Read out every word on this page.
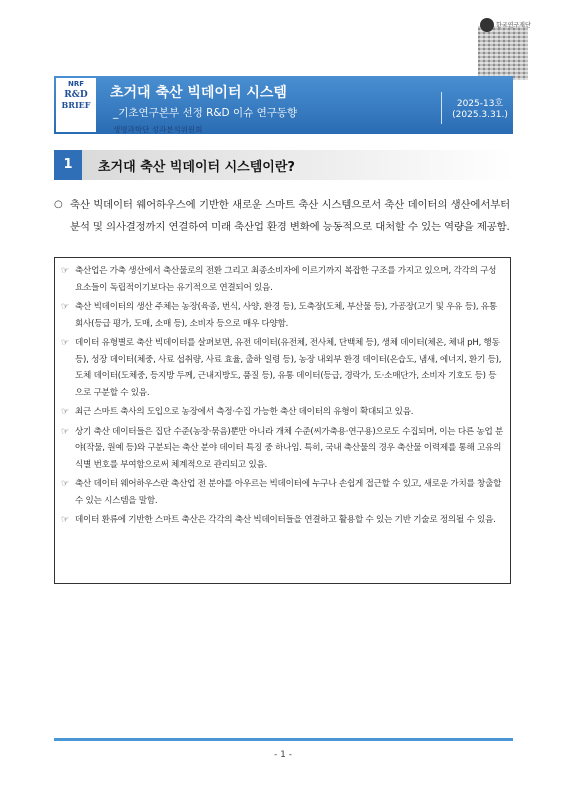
한국연구재단
NRF
R&D
BRIEF
초거대 축산 빅데이터 시스템
_기초연구본부 선정 R&D 이슈 연구동향
생명과학단 성과분석위원회
2025-13호
(2025.3.31.)
1	초거대 축산 빅데이터 시스템이란?
○ 축산 빅데이터 웨어하우스에 기반한 새로운 스마트 축산 시스템으로서 축산 데이터의 생산에서부터 분석 및 의사결정까지 연결하여 미래 축산업 환경 변화에 능동적으로 대처할 수 있는 역량을 제공함.
☞ 축산업은 가축 생산에서 축산물로의 전환 그리고 최종소비자에 이르기까지 복잡한 구조를 가지고 있으며, 각각의 구성 요소들이 독립적이기보다는 유기적으로 연결되어 있음.
☞ 축산 빅데이터의 생산 주체는 농장(육종, 번식, 사양, 환경 등), 도축장(도체, 부산물 등), 가공장(고기 및 우유 등), 유통회사(등급 평가, 도매, 소매 등), 소비자 등으로 매우 다양함.
☞ 데이터 유형별로 축산 빅데이터를 살펴보면, 유전 데이터(유전체, 전사체, 단백체 등), 생체 데이터(체온, 체내 pH, 행동 등), 성장 데이터(체중, 사료 섭취량, 사료 효율, 출하 일령 등), 농장 내외부 환경 데이터(온습도, 냄새, 에너지, 환기 등), 도체 데이터(도체중, 등지방 두께, 근내지방도, 품질 등), 유통 데이터(등급, 경락가, 도·소매단가, 소비자 기호도 등) 등으로 구분할 수 있음.
☞ 최근 스마트 축사의 도입으로 농장에서 측정·수집 가능한 축산 데이터의 유형이 확대되고 있음.
☞ 상기 축산 데이터들은 집단 수준(농장·묶음)뿐만 아니라 개체 수준(씨가축용·연구용)으로도 수집되며, 이는 다른 농업 분야(작물, 원예 등)와 구분되는 축산 분야 데이터 특징 중 하나임. 특히, 국내 축산물의 경우 축산물 이력제를 통해 고유의 식별 번호를 부여함으로써 체계적으로 관리되고 있음.
☞ 축산 데이터 웨어하우스란 축산업 전 분야를 아우르는 빅데이터에 누구나 손쉽게 접근할 수 있고, 새로운 가치를 창출할 수 있는 시스템을 말함.
☞ 데이터 환류에 기반한 스마트 축산은 각각의 축산 빅데이터들을 연결하고 활용할 수 있는 기반 기술로 정의될 수 있음.
- 1 -
